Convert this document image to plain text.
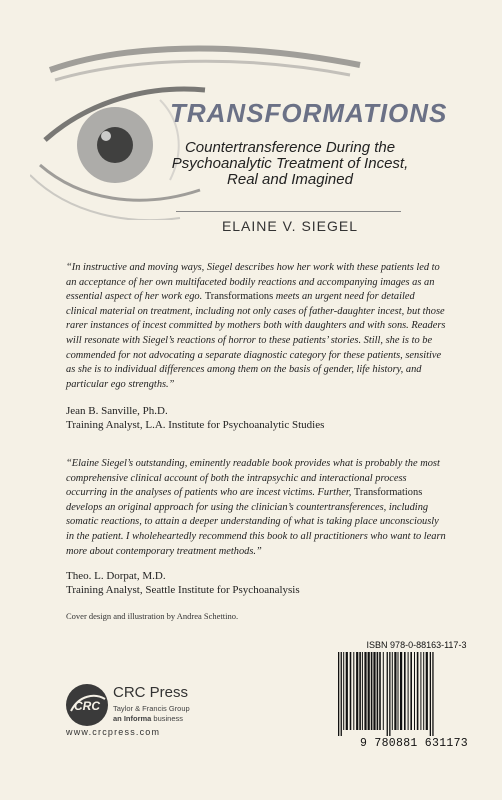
TRANSFORMATIONS
Countertransference During the
Psychoanalytic Treatment of Incest,
Real and Imagined
ELAINE V. SIEGEL
“In instructive and moving ways, Siegel describes how her work with these patients led to an acceptance of her own multifaceted bodily reactions and accompanying images as an essential aspect of her work ego. Transformations meets an urgent need for detailed clinical material on treatment, including not only cases of father-daughter incest, but those rarer instances of incest committed by mothers both with daughters and with sons. Readers will resonate with Siegel’s reactions of horror to these patients’ stories. Still, she is to be commended for not advocating a separate diagnostic category for these patients, sensitive as she is to individual differences among them on the basis of gender, life history, and particular ego strengths.”
Jean B. Sanville, Ph.D.
Training Analyst, L.A. Institute for Psychoanalytic Studies
“Elaine Siegel’s outstanding, eminently readable book provides what is probably the most comprehensive clinical account of both the intrapsychic and interactional process occurring in the analyses of patients who are incest victims. Further, Transformations develops an original approach for using the clinician’s countertransferences, including somatic reactions, to attain a deeper understanding of what is taking place unconsciously in the patient. I wholeheartedly recommend this book to all practitioners who want to learn more about contemporary treatment methods.”
Theo. L. Dorpat, M.D.
Training Analyst, Seattle Institute for Psychoanalysis
Cover design and illustration by Andrea Schettino.
ISBN 978-0-88163-117-3
9 780881 631173
CRC
CRC Press
Taylor & Francis Group
an Informa business
www.crcpress.com
